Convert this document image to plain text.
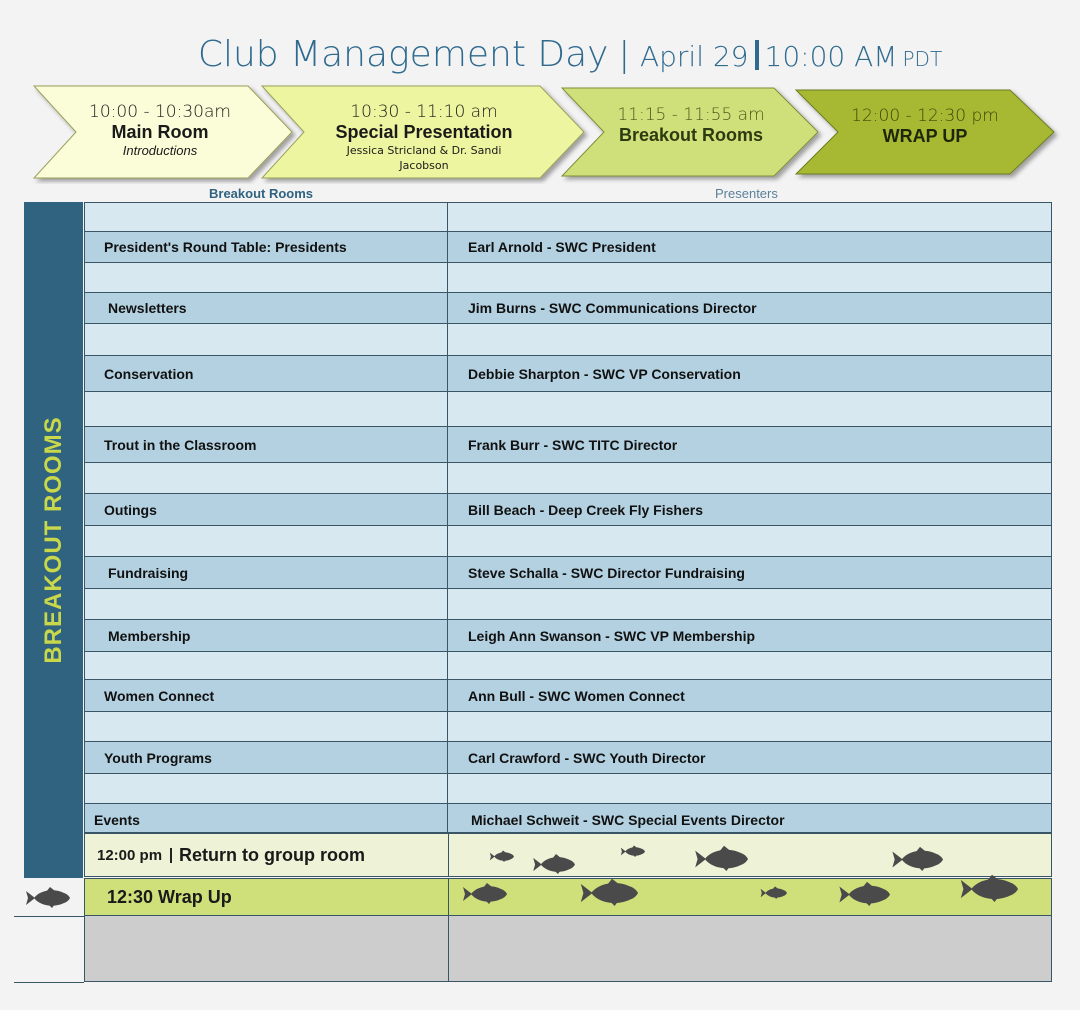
Club Management Day | April 29 10:00 AM PDT
10:00 - 10:30am
Main Room
Introductions
10:30 - 11:10 am
Special Presentation
Jessica Stricland & Dr. Sandi
Jacobson
11:15 - 11:55 am
Breakout Rooms
12:00 - 12:30 pm
WRAP UP
Breakout Rooms	Presenters
BREAKOUT ROOMS
President's Round Table: Presidents	Earl Arnold - SWC President
Newsletters	Jim Burns - SWC Communications Director
Conservation	Debbie Sharpton - SWC VP Conservation
Trout in the Classroom	Frank Burr - SWC TITC Director
Outings	Bill Beach - Deep Creek Fly Fishers
Fundraising	Steve Schalla - SWC Director Fundraising
Membership	Leigh Ann Swanson - SWC VP Membership
Women Connect	Ann Bull - SWC Women Connect
Youth Programs	Carl Crawford - SWC Youth Director
Events	Michael Schweit - SWC Special Events Director
12:00 pm Return to group room
12:30 Wrap Up
